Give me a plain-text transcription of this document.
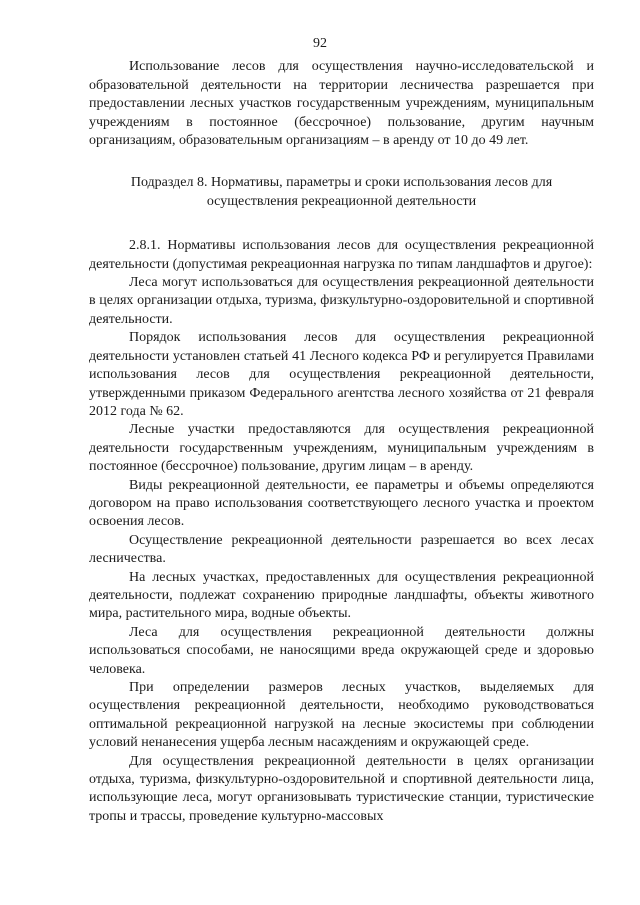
92

Использование лесов для осуществления научно-исследовательской и образовательной деятельности на территории лесничества разрешается при предоставлении лесных участков государственным учреждениям, муниципальным учреждениям в постоянное (бессрочное) пользование, другим научным организациям, образовательным организациям – в аренду от 10 до 49 лет.

Подраздел 8. Нормативы, параметры и сроки использования лесов для
осуществления рекреационной деятельности

2.8.1. Нормативы использования лесов для осуществления рекреационной деятельности (допустимая рекреационная нагрузка по типам ландшафтов и другое):

Леса могут использоваться для осуществления рекреационной деятельности в целях организации отдыха, туризма, физкультурно-оздоровительной и спортивной деятельности.

Порядок использования лесов для осуществления рекреационной деятельности установлен статьей 41 Лесного кодекса РФ и регулируется Правилами использования лесов для осуществления рекреационной деятельности, утвержденными приказом Федерального агентства лесного хозяйства от 21 февраля 2012 года № 62.

Лесные участки предоставляются для осуществления рекреационной деятельности государственным учреждениям, муниципальным учреждениям в постоянное (бессрочное) пользование, другим лицам – в аренду.

Виды рекреационной деятельности, ее параметры и объемы определяются договором на право использования соответствующего лесного участка и проектом освоения лесов.

Осуществление рекреационной деятельности разрешается во всех лесах лесничества.

На лесных участках, предоставленных для осуществления рекреационной деятельности, подлежат сохранению природные ландшафты, объекты животного мира, растительного мира, водные объекты.

Леса для осуществления рекреационной деятельности должны использоваться способами, не наносящими вреда окружающей среде и здоровью человека.

При определении размеров лесных участков, выделяемых для осуществления рекреационной деятельности, необходимо руководствоваться оптимальной рекреационной нагрузкой на лесные экосистемы при соблюдении условий ненанесения ущерба лесным насаждениям и окружающей среде.

Для осуществления рекреационной деятельности в целях организации отдыха, туризма, физкультурно-оздоровительной и спортивной деятельности лица, использующие леса, могут организовывать туристические станции, туристические тропы и трассы, проведение культурно-массовых
